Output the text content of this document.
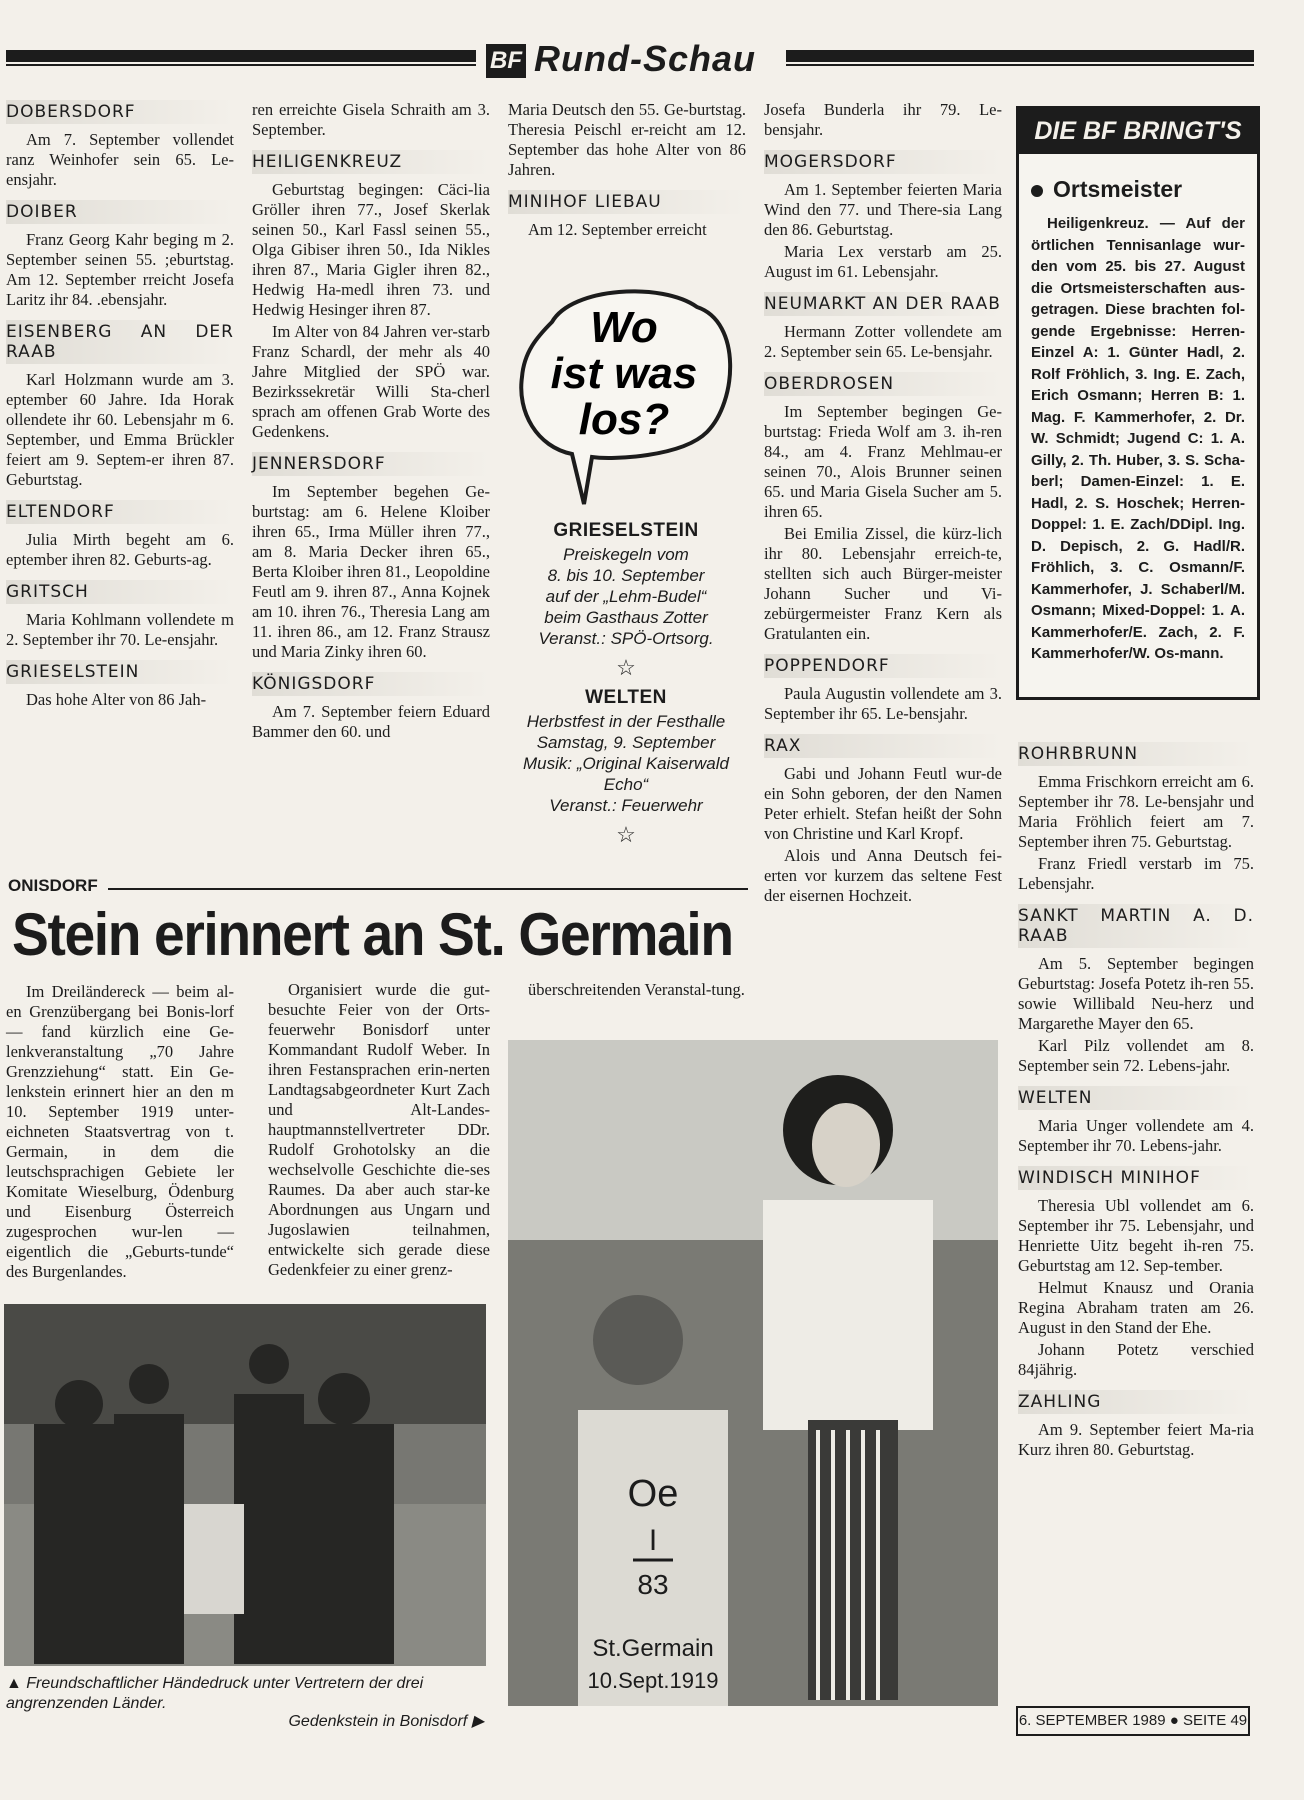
BF Rund-Schau
DOBERSDORF

Am 7. September vollendet ranz Weinhofer sein 65. Le-ensjahr.

DOIBER

Franz Georg Kahr beging m 2. September seinen 55. ;eburtstag. Am 12. September rreicht Josefa Laritz ihr 84. .ebensjahr.

EISENBERG AN DER RAAB

Karl Holzmann wurde am 3. eptember 60 Jahre. Ida Horak ollendete ihr 60. Lebensjahr m 6. September, und Emma Brückler feiert am 9. Septem-er ihren 87. Geburtstag.

ELTENDORF

Julia Mirth begeht am 6. eptember ihren 82. Geburts-ag.

GRITSCH

Maria Kohlmann vollendete m 2. September ihr 70. Le-ensjahr.

GRIESELSTEIN

Das hohe Alter von 86 Jah-

ren erreichte Gisela Schraith am 3. September.

HEILIGENKREUZ

Geburtstag begingen: Cäci-lia Gröller ihren 77., Josef Skerlak seinen 50., Karl Fassl seinen 55., Olga Gibiser ihren 50., Ida Nikles ihren 87., Maria Gigler ihren 82., Hedwig Ha-medl ihren 73. und Hedwig Hesinger ihren 87.

Im Alter von 84 Jahren ver-starb Franz Schardl, der mehr als 40 Jahre Mitglied der SPÖ war. Bezirkssekretär Willi Sta-cherl sprach am offenen Grab Worte des Gedenkens.

JENNERSDORF

Im September begehen Ge-burtstag: am 6. Helene Kloiber ihren 65., Irma Müller ihren 77., am 8. Maria Decker ihren 65., Berta Kloiber ihren 81., Leopoldine Feutl am 9. ihren 87., Anna Kojnek am 10. ihren 76., Theresia Lang am 11. ihren 86., am 12. Franz Strausz und Maria Zinky ihren 60.

KÖNIGSDORF

Am 7. September feiern Eduard Bammer den 60. und

Maria Deutsch den 55. Ge-burtstag. Theresia Peischl er-reicht am 12. September das hohe Alter von 86 Jahren.

MINIHOF LIEBAU

Am 12. September erreicht

Josefa Bunderla ihr 79. Le-bensjahr.

MOGERSDORF

Am 1. September feierten Maria Wind den 77. und There-sia Lang den 86. Geburtstag.

Maria Lex verstarb am 25. August im 61. Lebensjahr.

NEUMARKT AN DER RAAB

Hermann Zotter vollendete am 2. September sein 65. Le-bensjahr.

OBERDROSEN

Im September begingen Ge-burtstag: Frieda Wolf am 3. ih-ren 84., am 4. Franz Mehlmau-er seinen 70., Alois Brunner seinen 65. und Maria Gisela Sucher am 5. ihren 65.

Bei Emilia Zissel, die kürz-lich ihr 80. Lebensjahr erreich-te, stellten sich auch Bürger-meister Johann Sucher und Vi-zebürgermeister Franz Kern als Gratulanten ein.

POPPENDORF

Paula Augustin vollendete am 3. September ihr 65. Le-bensjahr.

RAX

Gabi und Johann Feutl wur-de ein Sohn geboren, der den Namen Peter erhielt. Stefan heißt der Sohn von Christine und Karl Kropf.

Alois und Anna Deutsch fei-erten vor kurzem das seltene Fest der eisernen Hochzeit.

ROHRBRUNN

Emma Frischkorn erreicht am 6. September ihr 78. Le-bensjahr und Maria Fröhlich feiert am 7. September ihren 75. Geburtstag.

Franz Friedl verstarb im 75. Lebensjahr.

SANKT MARTIN A. D. RAAB

Am 5. September begingen Geburtstag: Josefa Potetz ih-ren 55. sowie Willibald Neu-herz und Margarethe Mayer den 65.

Karl Pilz vollendet am 8. September sein 72. Lebens-jahr.

WELTEN

Maria Unger vollendete am 4. September ihr 70. Lebens-jahr.

WINDISCH MINIHOF

Theresia Ubl vollendet am 6. September ihr 75. Lebensjahr, und Henriette Uitz begeht ih-ren 75. Geburtstag am 12. Sep-tember.

Helmut Knausz und Orania Regina Abraham traten am 26. August in den Stand der Ehe.

Johann Potetz verschied 84jährig.

ZAHLING

Am 9. September feiert Ma-ria Kurz ihren 80. Geburtstag.

Wo
ist was
los?
GRIESELSTEIN
Preiskegeln vom
8. bis 10. September
auf der „Lehm-Budel“
beim Gasthaus Zotter
Veranst.: SPÖ-Ortsorg.
☆
WELTEN
Herbstfest in der Festhalle
Samstag, 9. September
Musik: „Original Kaiserwald
Echo“
Veranst.: Feuerwehr
☆
DIE BF BRINGT'S
Ortsmeister
Heiligenkreuz. — Auf der örtlichen Tennisanlage wur-den vom 25. bis 27. August die Ortsmeisterschaften aus-getragen. Diese brachten fol-gende Ergebnisse: Herren-Einzel A: 1. Günter Hadl, 2. Rolf Fröhlich, 3. Ing. E. Zach, Erich Osmann; Herren B: 1. Mag. F. Kammerhofer, 2. Dr. W. Schmidt; Jugend C: 1. A. Gilly, 2. Th. Huber, 3. S. Scha-berl; Damen-Einzel: 1. E. Hadl, 2. S. Hoschek; Herren-Doppel: 1. E. Zach/DDipl. Ing. D. Depisch, 2. G. Hadl/R. Fröhlich, 3. C. Osmann/F. Kammerhofer, J. Schaberl/M. Osmann; Mixed-Doppel: 1. A. Kammerhofer/E. Zach, 2. F. Kammerhofer/W. Os-mann.
ONISDORF
Stein erinnert an St. Germain

Im Dreiländereck — beim al-en Grenzübergang bei Bonis-lorf — fand kürzlich eine Ge-lenkveranstaltung „70 Jahre Grenzziehung“ statt. Ein Ge-lenkstein erinnert hier an den m 10. September 1919 unter-eichneten Staatsvertrag von t. Germain, in dem die leutschsprachigen Gebiete ler Komitate Wieselburg, Ödenburg und Eisenburg Österreich zugesprochen wur-len — eigentlich die „Geburts-tunde“ des Burgenlandes.

Organisiert wurde die gut-besuchte Feier von der Orts-feuerwehr Bonisdorf unter Kommandant Rudolf Weber. In ihren Festansprachen erin-nerten Landtagsabgeordneter Kurt Zach und Alt-Landes-hauptmannstellvertreter DDr. Rudolf Grohotolsky an die wechselvolle Geschichte die-ses Raumes. Da aber auch star-ke Abordnungen aus Ungarn und Jugoslawien teilnahmen, entwickelte sich gerade diese Gedenkfeier zu einer grenz-

überschreitenden Veranstal-tung.

▲ Freundschaftlicher Händedruck unter Vertretern der drei angrenzenden Länder.
Oe
I
83
St.Germain
10.Sept.1919
Gedenkstein in Bonisdorf ▶	6. SEPTEMBER 1989 ● SEITE 49
